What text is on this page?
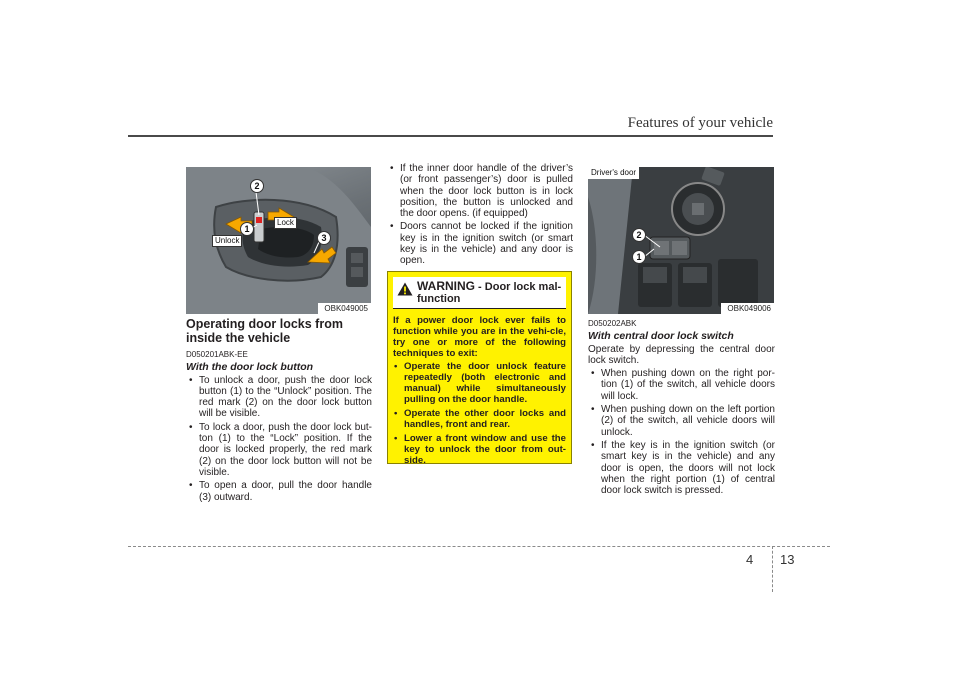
Features of your vehicle
2
1
3
Lock
Unlock
OBK049005
Operating door locks from inside the vehicle
D050201ABK-EE
With the door lock button
• To unlock a door, push the door lock button (1) to the “Unlock” position. The red mark (2) on the door lock button will be visible.
• To lock a door, push the door lock but-ton (1) to the “Lock” position. If the door is locked properly, the red mark (2) on the door lock button will not be visible.
• To open a door, pull the door handle (3) outward.
• If the inner door handle of the driver’s (or front passenger’s) door is pulled when the door lock button is in lock position, the button is unlocked and the door opens. (if equipped)
• Doors cannot be locked if the ignition key is in the ignition switch (or smart key is in the vehicle) and any door is open.
WARNING - Door lock mal-function

If a power door lock ever fails to function while you are in the vehi-cle, try one or more of the following techniques to exit:

• Operate the door unlock feature repeatedly (both electronic and manual) while simultaneously pulling on the door handle.
• Operate the other door locks and handles, front and rear.
• Lower a front window and use the key to unlock the door from out-side.
Driver's door
2
1
OBK049006
D050202ABK
With central door lock switch

Operate by depressing the central door lock switch.

• When pushing down on the right por-tion (1) of the switch, all vehicle doors will lock.
• When pushing down on the left portion (2) of the switch, all vehicle doors will unlock.
• If the key is in the ignition switch (or smart key is in the vehicle) and any door is open, the doors will not lock when the right portion (1) of central door lock switch is pressed.
4 13
